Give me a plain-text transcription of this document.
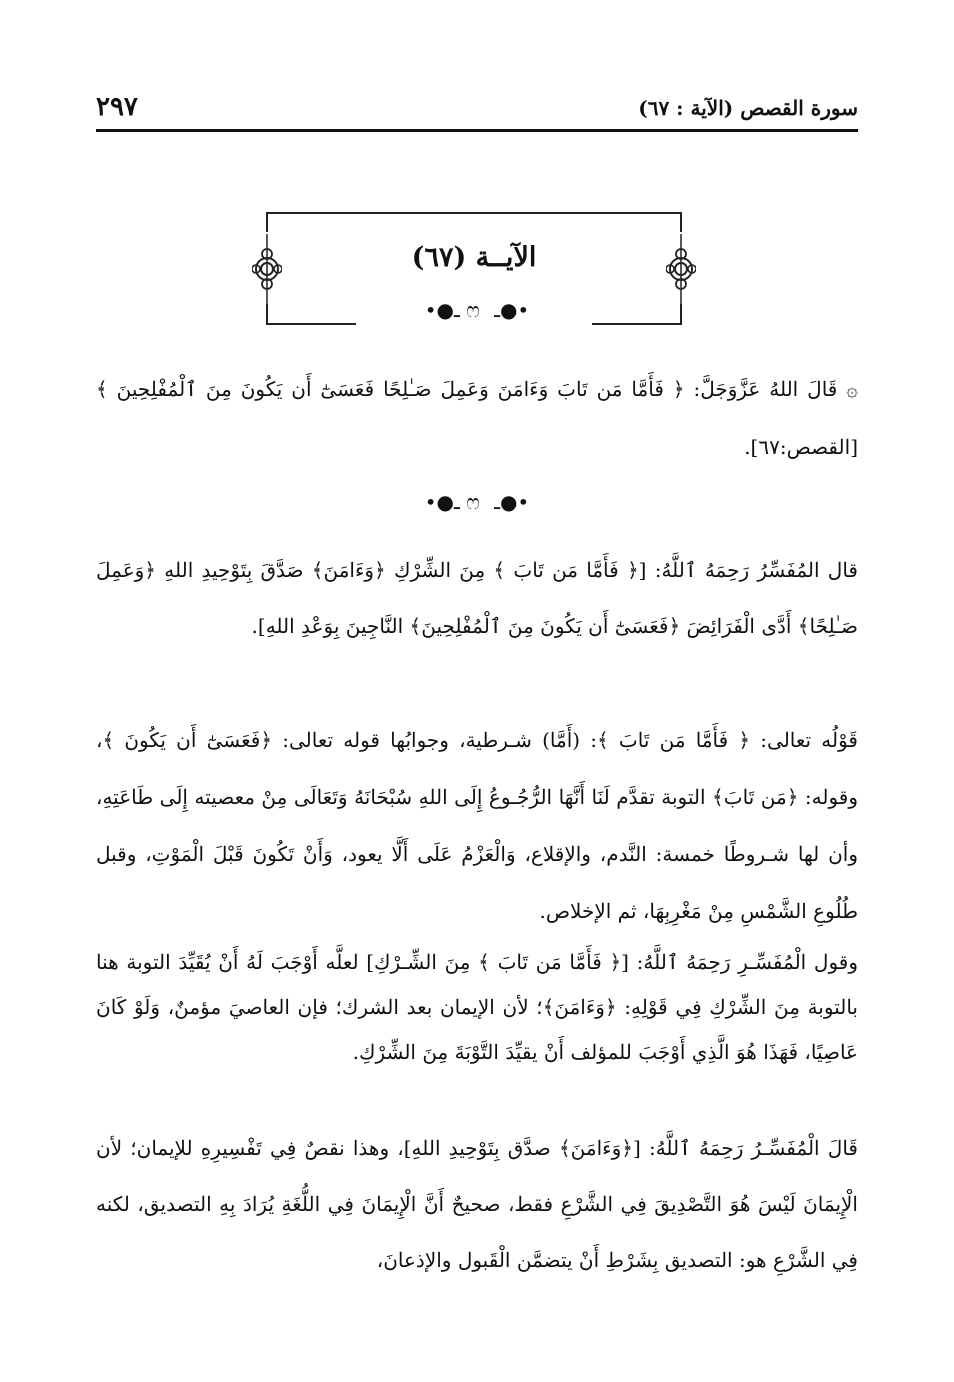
سورة القصص (الآية : ٦٧)
٢٩٧
الآيــة (٦٧)
•●ـ ෆ ـ●•
۞ قَالَ اللهُ عَزَّوَجَلَّ: ﴿ فَأَمَّا مَن تَابَ وَءَامَنَ وَعَمِلَ صَـٰلِحًا فَعَسَىٰٓ أَن يَكُونَ مِنَ ٱلْمُفْلِحِينَ ﴾ [القصص:٦٧].
•●ـ ෆ ـ●•
قال المُفَسِّرُ رَحِمَهُ ٱللَّهُ: [﴿ فَأَمَّا مَن تَابَ ﴾ مِنَ الشِّرْكِ ﴿وَءَامَنَ﴾ صَدَّقَ بِتَوْحِيدِ اللهِ ﴿وَعَمِلَ صَـٰلِحًا﴾ أَدَّى الْفَرَائِضَ ﴿فَعَسَىٰٓ أَن يَكُونَ مِنَ ٱلْمُفْلِحِينَ﴾ النَّاجِينَ بِوَعْدِ اللهِ].
قَوْلُه تعالى: ﴿ فَأَمَّا مَن تَابَ ﴾: (أَمَّا) شـرطية، وجوابُها قوله تعالى: ﴿فَعَسَىٰٓ أَن يَكُونَ ﴾، وقوله: ﴿مَن تَابَ﴾ التوبة تقدَّم لَنَا أَنَّهَا الرُّجُـوعُ إِلَى اللهِ سُبْحَانَهُ وَتَعَالَى مِنْ معصيته إِلَى طَاعَتِهِ، وأن لها شـروطًا خمسة: النَّدم، والإقلاع، وَالْعَزْمُ عَلَى أَلَّا يعود، وَأَنْ تَكُونَ قَبْلَ الْمَوْتِ، وقبل طُلُوعِ الشَّمْسِ مِنْ مَغْرِبِهَا، ثم الإخلاص.
وقول الْمُفَسِّـرِ رَحِمَهُ ٱللَّهُ: [﴿ فَأَمَّا مَن تَابَ ﴾ مِنَ الشِّـرْكِ] لعلَّه أَوْجَبَ لَهُ أَنْ يُقَيِّدَ التوبة هنا بالتوبة مِنَ الشِّرْكِ فِي قَوْلِهِ: ﴿وَءَامَنَ﴾؛ لأن الإيمان بعد الشرك؛ فإن العاصيَ مؤمنٌ، وَلَوْ كَانَ عَاصِيًا، فَهَذَا هُوَ الَّذِي أَوْجَبَ للمؤلف أَنْ يقيِّدَ التَّوْبَةَ مِنَ الشِّرْكِ.
قَالَ الْمُفَسِّـرُ رَحِمَهُ ٱللَّهُ: [﴿وَءَامَنَ﴾ صدَّق بِتَوْحِيدِ اللهِ]، وهذا نقصٌ فِي تَفْسِيرِهِ للإيمان؛ لأن الْإِيمَانَ لَيْسَ هُوَ التَّصْدِيقَ فِي الشَّرْعِ فقط، صحيحٌ أَنَّ الْإِيمَانَ فِي اللُّغَةِ يُرَادَ بِهِ التصديق، لكنه فِي الشَّرْعِ هو: التصديق بِشَرْطِ أَنْ يتضمَّن الْقَبول والإذعانَ،
